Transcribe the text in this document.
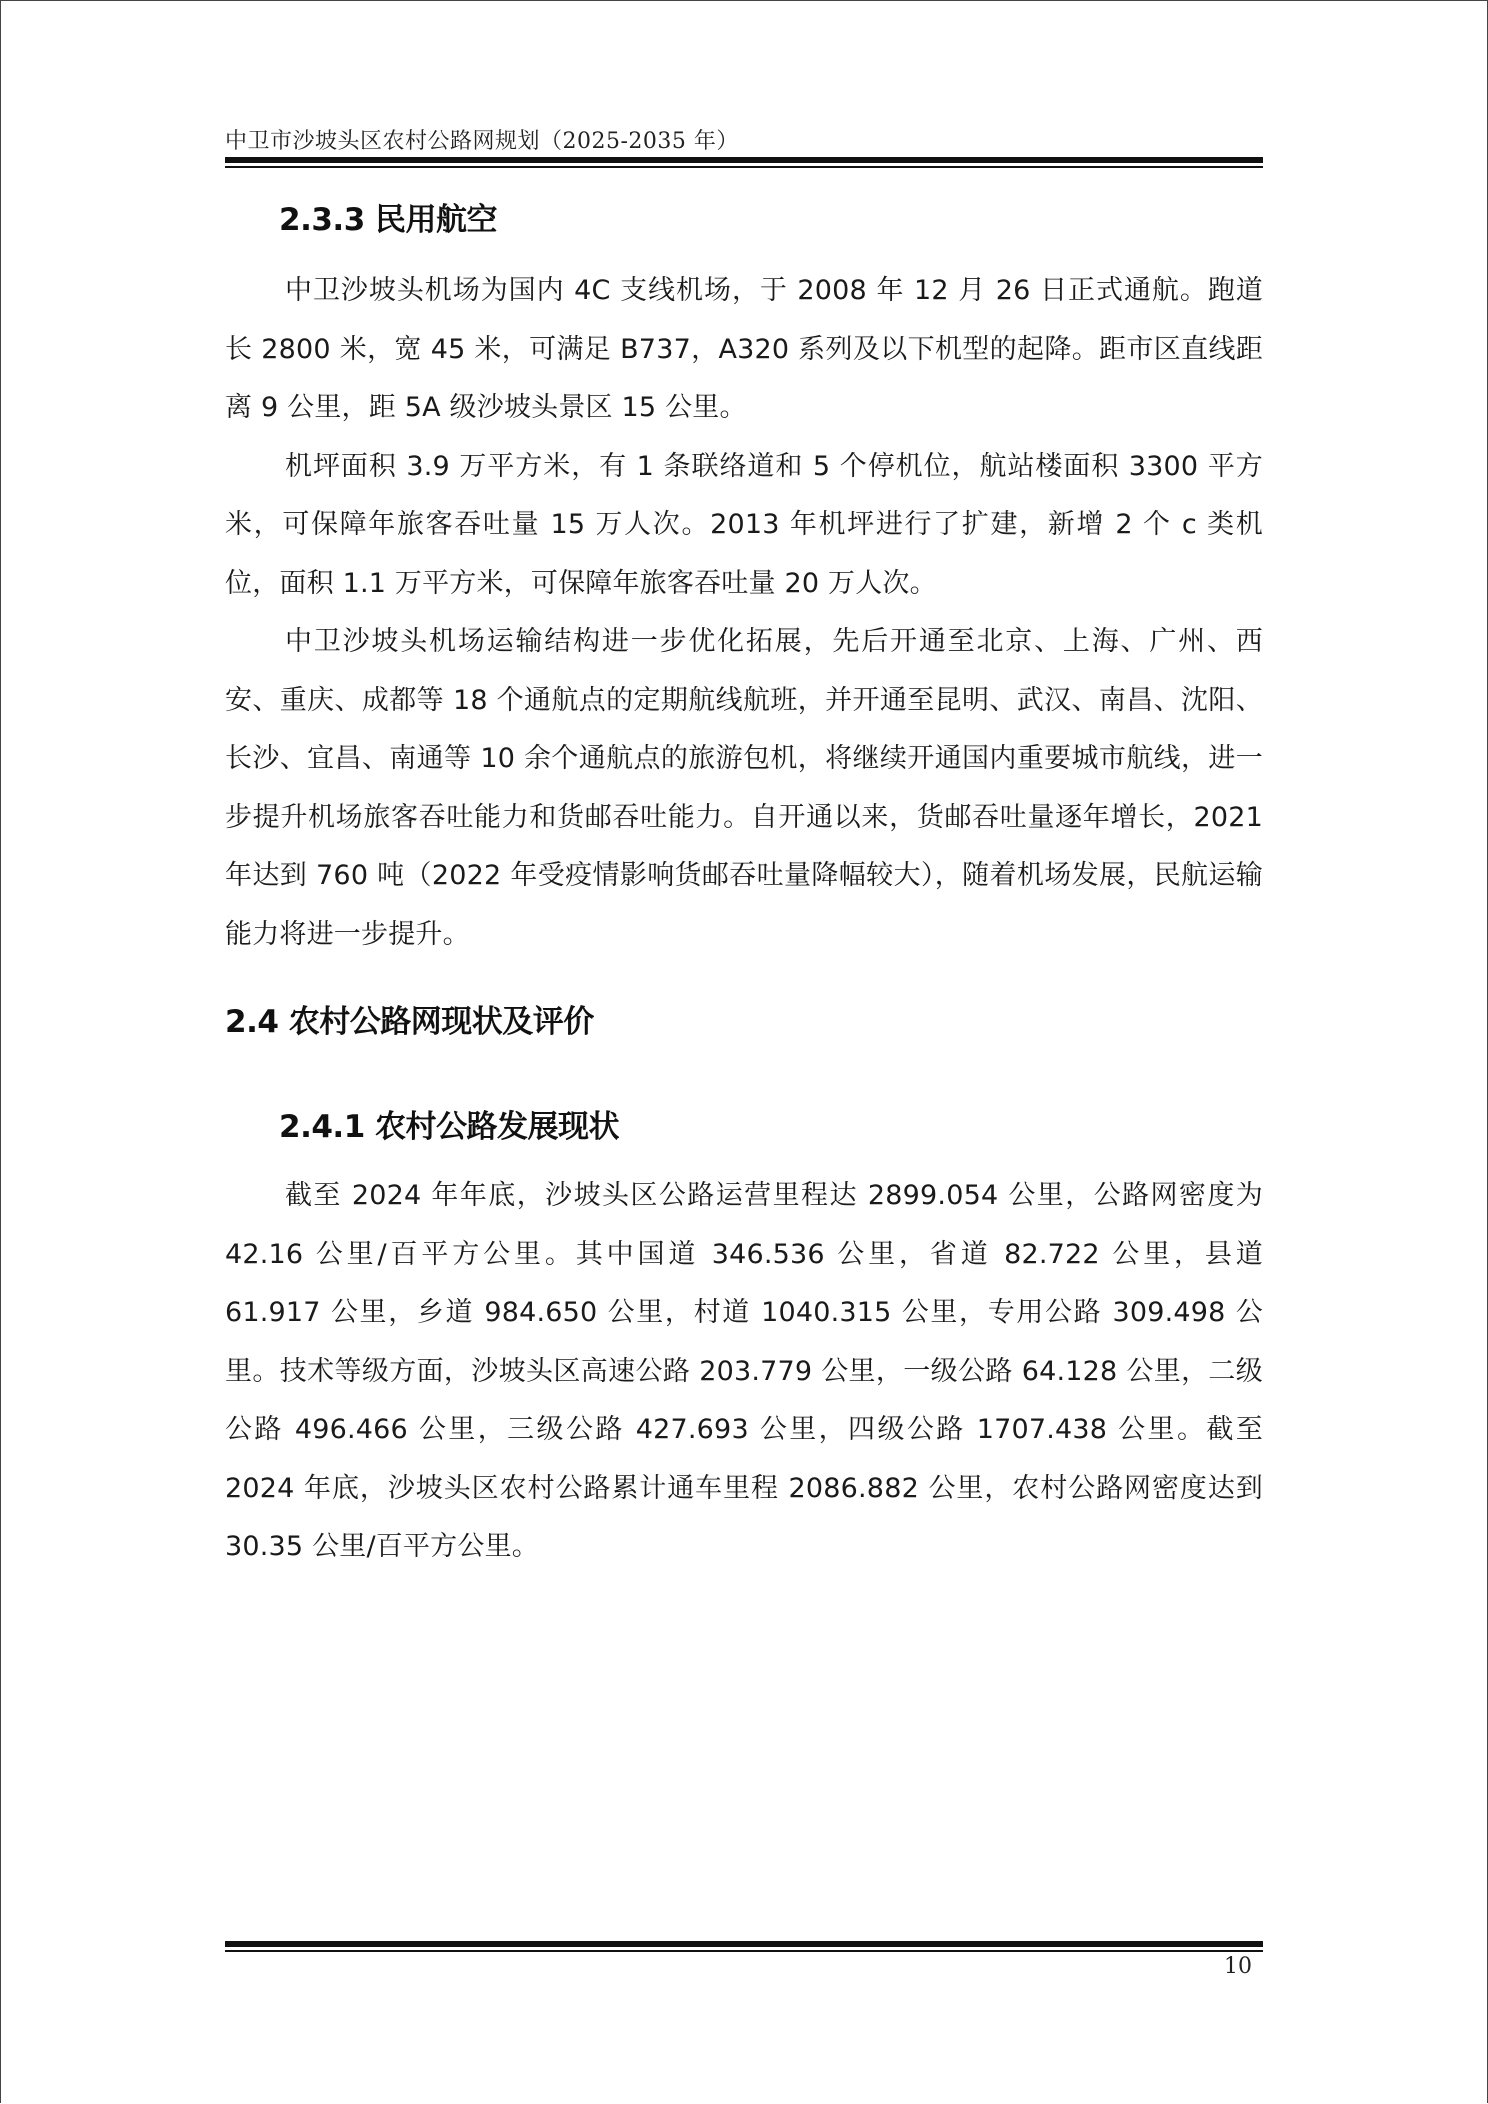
中卫市沙坡头区农村公路网规划（2025-2035 年）
2.3.3 民用航空

中卫沙坡头机场为国内 4C 支线机场，于 2008 年 12 月 26 日正式通航。跑道长 2800 米，宽 45 米，可满足 B737，A320 系列及以下机型的起降。距市区直线距离 9 公里，距 5A 级沙坡头景区 15 公里。

机坪面积 3.9 万平方米，有 1 条联络道和 5 个停机位，航站楼面积 3300 平方米，可保障年旅客吞吐量 15 万人次。2013 年机坪进行了扩建，新增 2 个 c 类机位，面积 1.1 万平方米，可保障年旅客吞吐量 20 万人次。

中卫沙坡头机场运输结构进一步优化拓展，先后开通至北京、上海、广州、西安、重庆、成都等 18 个通航点的定期航线航班，并开通至昆明、武汉、南昌、沈阳、长沙、宜昌、南通等 10 余个通航点的旅游包机，将继续开通国内重要城市航线，进一步提升机场旅客吞吐能力和货邮吞吐能力。自开通以来，货邮吞吐量逐年增长，2021 年达到 760 吨（2022 年受疫情影响货邮吞吐量降幅较大），随着机场发展，民航运输能力将进一步提升。

2.4 农村公路网现状及评价
2.4.1 农村公路发展现状

截至 2024 年年底，沙坡头区公路运营里程达 2899.054 公里，公路网密度为 42.16 公里/百平方公里。其中国道 346.536 公里，省道 82.722 公里，县道 61.917 公里，乡道 984.650 公里，村道 1040.315 公里，专用公路 309.498 公里。技术等级方面，沙坡头区高速公路 203.779 公里，一级公路 64.128 公里，二级公路 496.466 公里，三级公路 427.693 公里，四级公路 1707.438 公里。截至 2024 年底，沙坡头区农村公路累计通车里程 2086.882 公里，农村公路网密度达到 30.35 公里/百平方公里。

10
